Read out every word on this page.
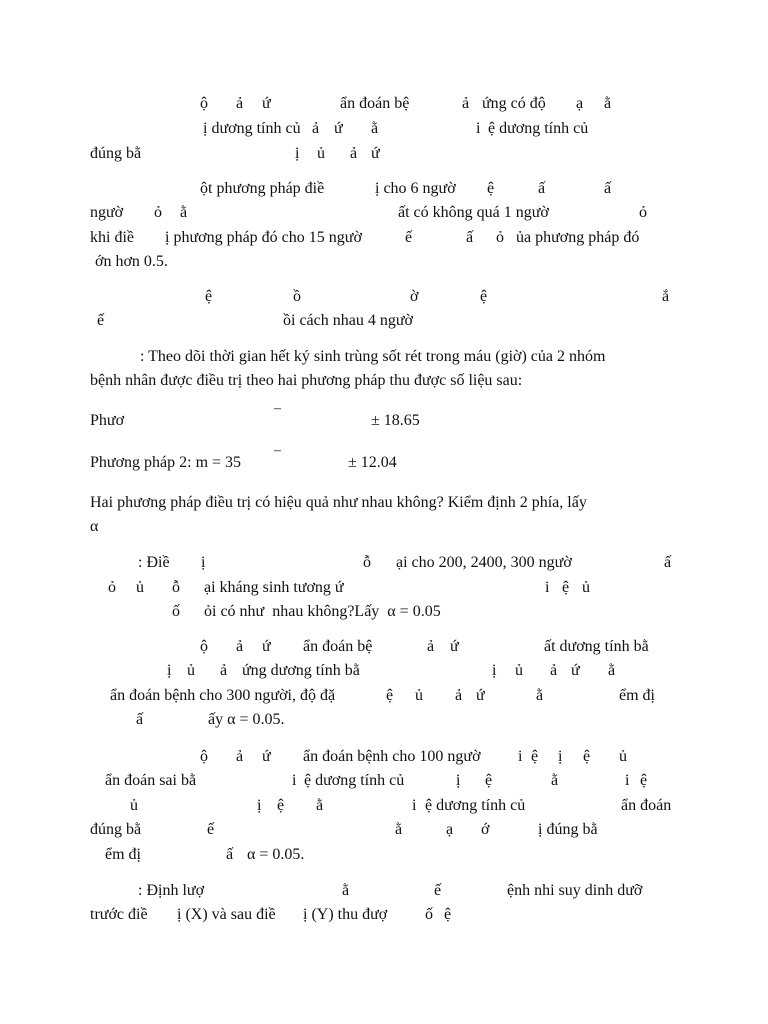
ộ ả ứ	ẩn đoán bệ	ả ứng có độ ạ ằ
ị dương tính củ ả ứ ằ	i ệ dương tính củ
đúng bằ	ị ủ ả ứ
ột phương pháp điề	ị cho 6 ngườ ệ	ấ	ấ
ngườ ỏ ằ	ất có không quá 1 ngườ	ỏ
khi điề ị phương pháp đó cho 15 ngườ	ế	ấ ỏ ủa phương pháp đó
ớn hơn 0.5.
ệ	ồ	ờ	ệ	ắ
ế	ồi cách nhau 4 ngườ
: Theo dõi thời gian hết ký sinh trùng sốt rét trong máu (giờ) của 2 nhóm
bệnh nhân được điều trị theo hai phương pháp thu được số liệu sau:
Phươ
–
± 18.65
Phương pháp 2: m = 35
–
± 12.04
Hai phương pháp điều trị có hiệu quả như nhau không? Kiểm định 2 phía, lấy
α
: Điề ị	ỗ ại cho 200, 2400, 300 ngườ	ấ
ỏ ủ ỗ ại kháng sinh tương ứ	i ệ ủ
ố ỏi có như  nhau không?Lấy  α = 0.05
ộ ả ứ ẩn đoán bệ	ả ứ	ất dương tính bằ
ị ủ ả ứng dương tính bằ	ị ủ ả ứ ằ
ẩn đoán bệnh cho 300 người, độ đặ	ệ ủ ả ứ	ằ	ểm đị
ấ	ấy α = 0.05.
ộ ả ứ ẩn đoán bệnh cho 100 ngườ i ệ ị ệ ủ
ẩn đoán sai bằ	i ệ dương tính củ	ị ệ	ằ	i ệ
ủ	ị ệ ằ	i ệ dương tính củ	ẩn đoán
đúng bằ	ế	ằ	ạ ớ	ị đúng bằ
ểm đị	ấ α = 0.05.
: Định lượ	ằ	ế	ệnh nhi suy dinh dưỡ
trước điề ị (X) và sau điề ị (Y) thu đượ ố ệ
